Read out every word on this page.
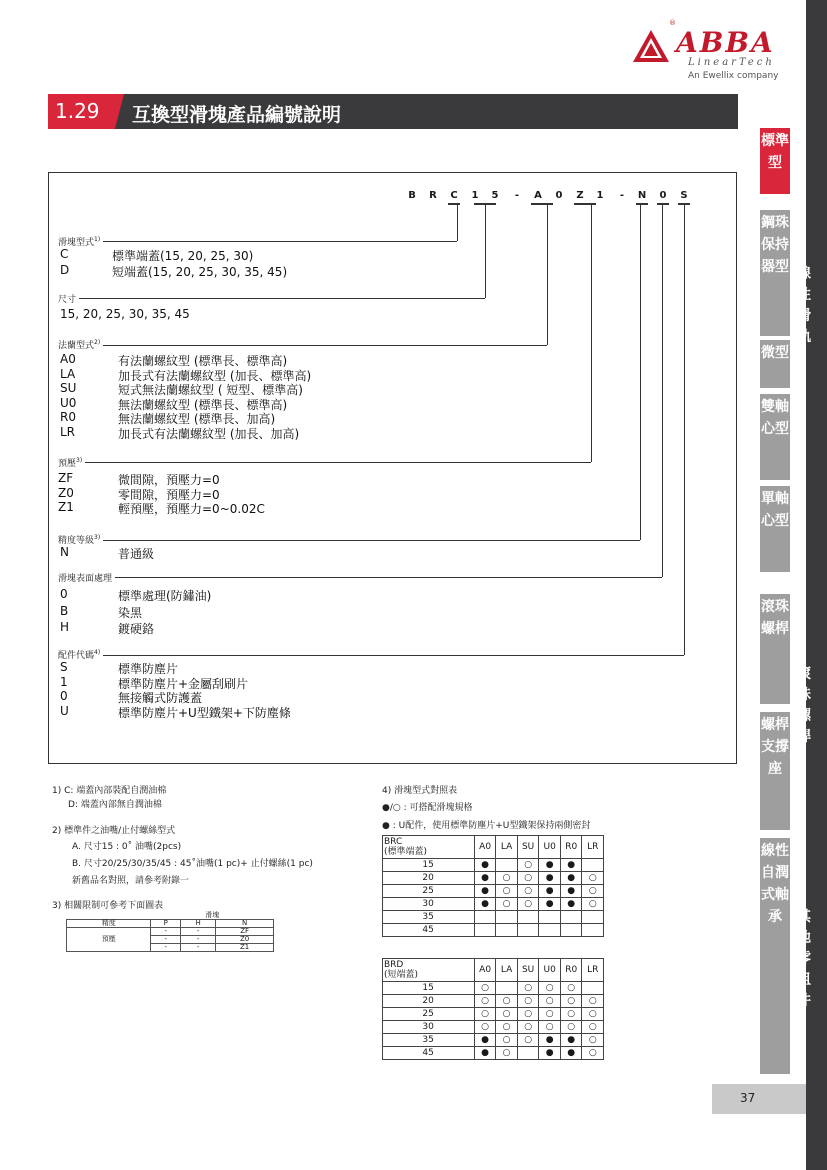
®
ABBA
LinearTech
An Ewellix company
1.29 互換型滑塊產品編號說明
標準型
鋼珠保持器型
微型
雙軸心型
單軸心型
滾珠螺桿
螺桿支撐座
線性自潤式軸承
線性滑軌
滾珠螺桿
其他零組件
B R C 1 5	-	A 0 Z 1	-	N 0 S
滑塊型式$^{1)}$
C	標準端蓋(15, 20, 25, 30)
D	短端蓋(15, 20, 25, 30, 35, 45)
法蘭型式$^{2)}$
A0	有法蘭螺紋型 (標準長、標準高)
LA	加長式有法蘭螺紋型 (加長、標準高)
SU	短式無法蘭螺紋型 ( 短型、標準高)
U0	無法蘭螺紋型 (標準長、標準高)
R0	無法蘭螺紋型 (標準長、加高)
LR	加長式有法蘭螺紋型 (加長、加高)
預壓$^{3)}$
ZF	微間隙，預壓力=0
Z0	零間隙，預壓力=0
Z1	輕預壓，預壓力=0~0.02C
精度等級$^{3)}$
N	普通級
滑塊表面處理
0	標準處理(防鏽油)
B	染黑
H	鍍硬鉻
配件代碼$^{4)}$
S	標準防塵片
1	標準防塵片+金屬刮刷片
0	無接觸式防護蓋
U	標準防塵片+U型鐵架+下防塵條
尺寸
15, 20, 25, 30, 35, 45
1) C: 端蓋內部裝配自潤油棉
D: 端蓋內部無自潤油棉
2) 標準件之油嘴/止付螺絲型式
A. 尺寸15 : 0˚ 油嘴(2pcs)
B. 尺寸20/25/30/35/45 : 45˚油嘴(1 pc)+ 止付螺絲(1 pc)
新舊品名對照，請參考附錄一
3) 相關限制可參考下面圖表
	滑塊		
精度	P	H	N
預壓	-	-	ZF
	-	-	Z0
	-	-	Z1
4) 滑塊型式對照表
●/○ : 可搭配滑塊規格
● : U配件，使用標準防塵片+U型鐵架保持兩側密封
BRC
(標準端蓋)	A0	LA	SU	U0	R0	LR
15	●		○	●	●	
20	●	○	○	●	●	○
25	●	○	○	●	●	○
30	●	○	○	●	●	○
35						
45						
BRD
(短端蓋)	A0	LA	SU	U0	R0	LR
15	○		○	○	○	
20	○	○	○	○	○	○
25	○	○	○	○	○	○
30	○	○	○	○	○	○
35	●	○	○	●	●	○
45	●	○		●	●	○
37
